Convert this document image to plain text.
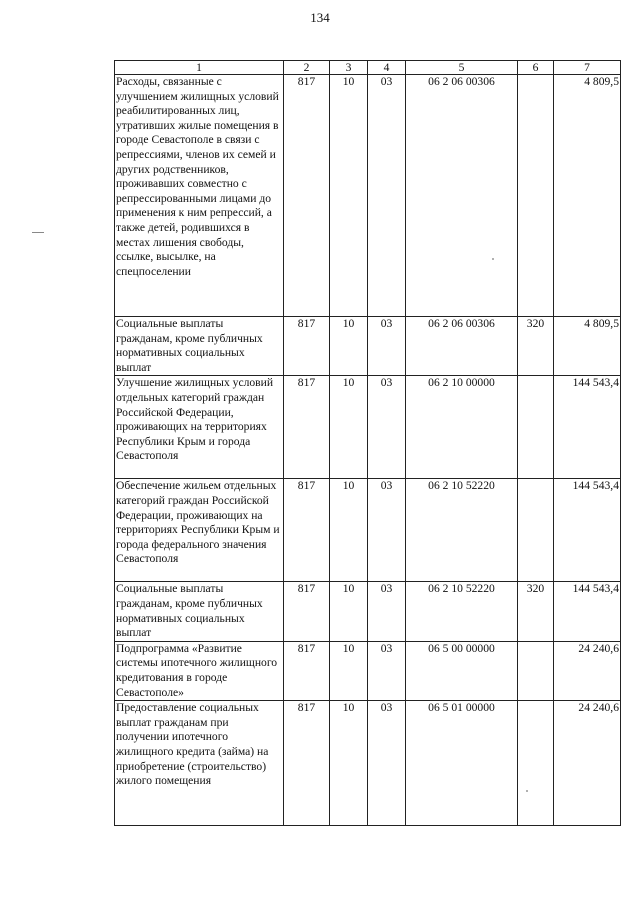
134
1	2	3	4	5	6	7
Расходы, связанные с улучшением жилищных условий реабилитированных лиц, утративших жилые помещения в городе Севастополе в связи с репрессиями, членов их семей и других родственников, проживавших совместно с репрессированными лицами до применения к ним репрессий, а также детей, родившихся в местах лишения свободы, ссылке, высылке, на спецпоселении	817	10	03	06 2 06 00306		4 809,5
Социальные выплаты гражданам, кроме публичных нормативных социальных выплат	817	10	03	06 2 06 00306	320	4 809,5
Улучшение жилищных условий отдельных категорий граждан Российской Федерации, проживающих на территориях Республики Крым и города Севастополя	817	10	03	06 2 10 00000		144 543,4
Обеспечение жильем отдельных категорий граждан Российской Федерации, проживающих на территориях Республики Крым и города федерального значения Севастополя	817	10	03	06 2 10 52220		144 543,4
Социальные выплаты гражданам, кроме публичных нормативных социальных выплат	817	10	03	06 2 10 52220	320	144 543,4
Подпрограмма «Развитие системы ипотечного жилищного кредитования в городе Севастополе»	817	10	03	06 5 00 00000		24 240,6
Предоставление социальных выплат гражданам при получении ипотечного жилищного кредита (займа) на приобретение (строительство) жилого помещения	817	10	03	06 5 01 00000		24 240,6
